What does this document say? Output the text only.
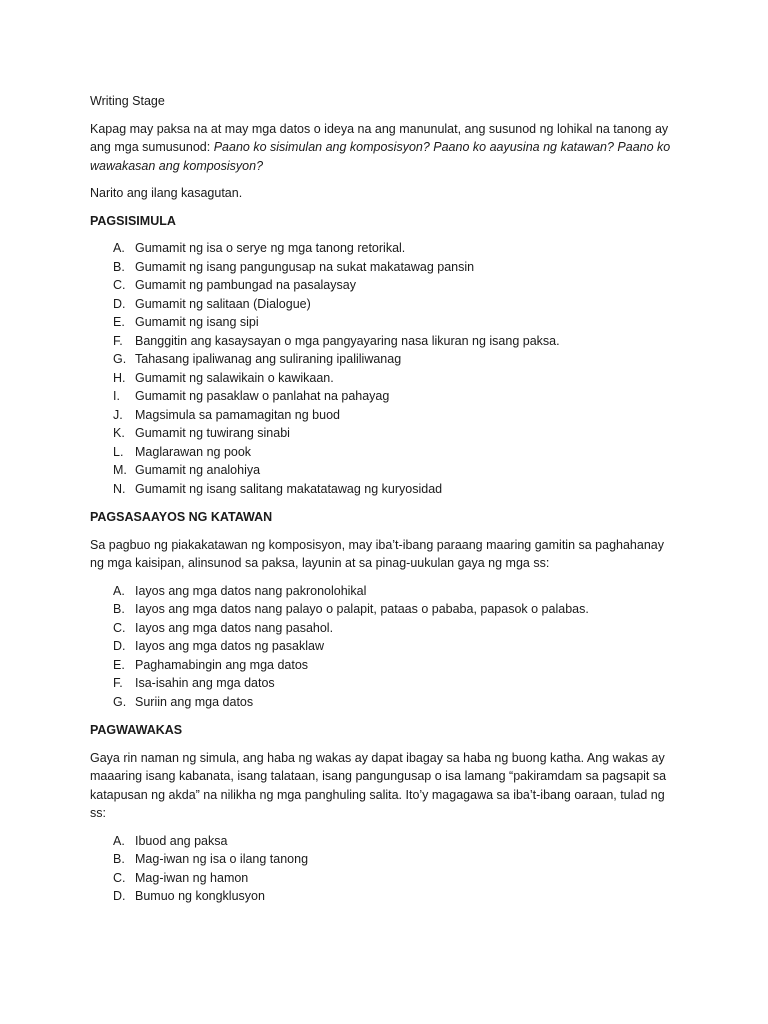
Writing Stage

Kapag may paksa na at may mga datos o ideya na ang manunulat, ang susunod ng lohikal na tanong ay ang mga sumusunod: Paano ko sisimulan ang komposisyon? Paano ko aayusina ng katawan? Paano ko wawakasan ang komposisyon?

Narito ang ilang kasagutan.

PAGSISIMULA

A. Gumamit ng isa o serye ng mga tanong retorikal.
B. Gumamit ng isang pangungusap na sukat makatawag pansin
C. Gumamit ng pambungad na pasalaysay
D. Gumamit ng salitaan (Dialogue)
E. Gumamit ng isang sipi
F. Banggitin ang kasaysayan o mga pangyayaring nasa likuran ng isang paksa.
G. Tahasang ipaliwanag ang suliraning ipaliliwanag
H. Gumamit ng salawikain o kawikaan.
I. Gumamit ng pasaklaw o panlahat na pahayag
J. Magsimula sa pamamagitan ng buod
K. Gumamit ng tuwirang sinabi
L. Maglarawan ng pook
M. Gumamit ng analohiya
N. Gumamit ng isang salitang makatatawag ng kuryosidad

PAGSASAAYOS NG KATAWAN

Sa pagbuo ng piakakatawan ng komposisyon, may iba’t-ibang paraang maaring gamitin sa paghahanay ng mga kaisipan, alinsunod sa paksa, layunin at sa pinag-uukulan gaya ng mga ss:

A. Iayos ang mga datos nang pakronolohikal
B. Iayos ang mga datos nang palayo o palapit, pataas o pababa, papasok o palabas.
C. Iayos ang mga datos nang pasahol.
D. Iayos ang mga datos ng pasaklaw
E. Paghamabingin ang mga datos
F. Isa-isahin ang mga datos
G. Suriin ang mga datos

PAGWAWAKAS

Gaya rin naman ng simula, ang haba ng wakas ay dapat ibagay sa haba ng buong katha. Ang wakas ay maaaring isang kabanata, isang talataan, isang pangungusap o isa lamang “pakiramdam sa pagsapit sa katapusan ng akda” na nilikha ng mga panghuling salita. Ito’y magagawa sa iba’t-ibang oaraan, tulad ng ss:

A. Ibuod ang paksa
B. Mag-iwan ng isa o ilang tanong
C. Mag-iwan ng hamon
D. Bumuo ng kongklusyon
